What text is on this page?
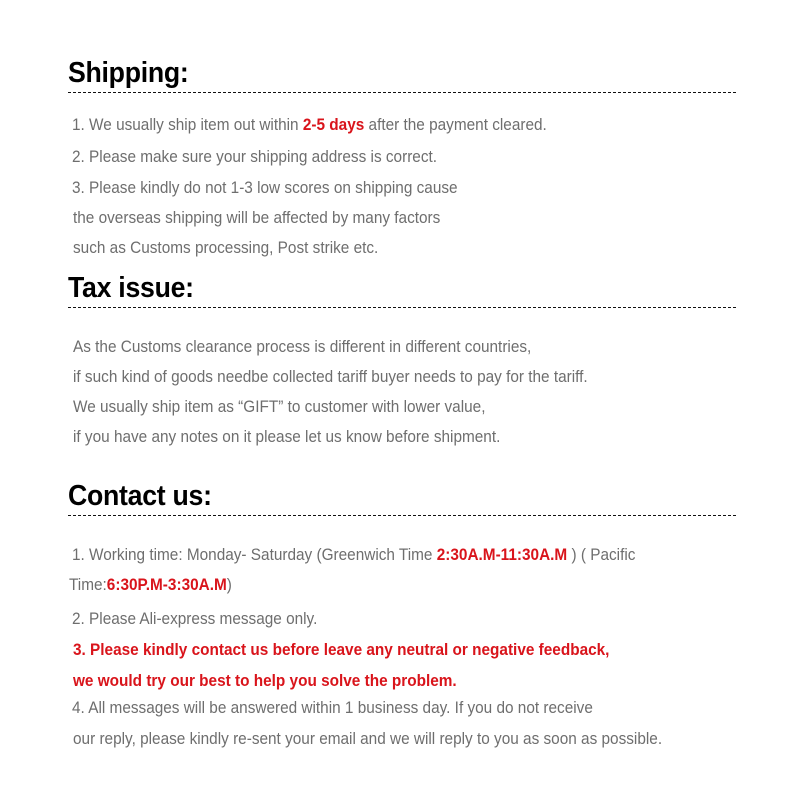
Shipping:
1. We usually ship item out within 2-5 days after the payment cleared.
2. Please make sure your shipping address is correct.
3. Please kindly do not 1-3 low scores on shipping cause
the overseas shipping will be affected by many factors
such as Customs processing, Post strike etc.
Tax issue:
As the Customs clearance process is different in different countries,
if such kind of goods needbe collected tariff buyer needs to pay for the tariff.
We usually ship item as “GIFT” to customer with lower value,
if you have any notes on it please let us know before shipment.
Contact us:
1. Working time: Monday- Saturday (Greenwich Time 2:30A.M-11:30A.M ) ( Pacific
Time:6:30P.M-3:30A.M)
2. Please Ali-express message only.
3. Please kindly contact us before leave any neutral or negative feedback,
we would try our best to help you solve the problem.
4. All messages will be answered within 1 business day. If you do not receive
our reply, please kindly re-sent your email and we will reply to you as soon as possible.
